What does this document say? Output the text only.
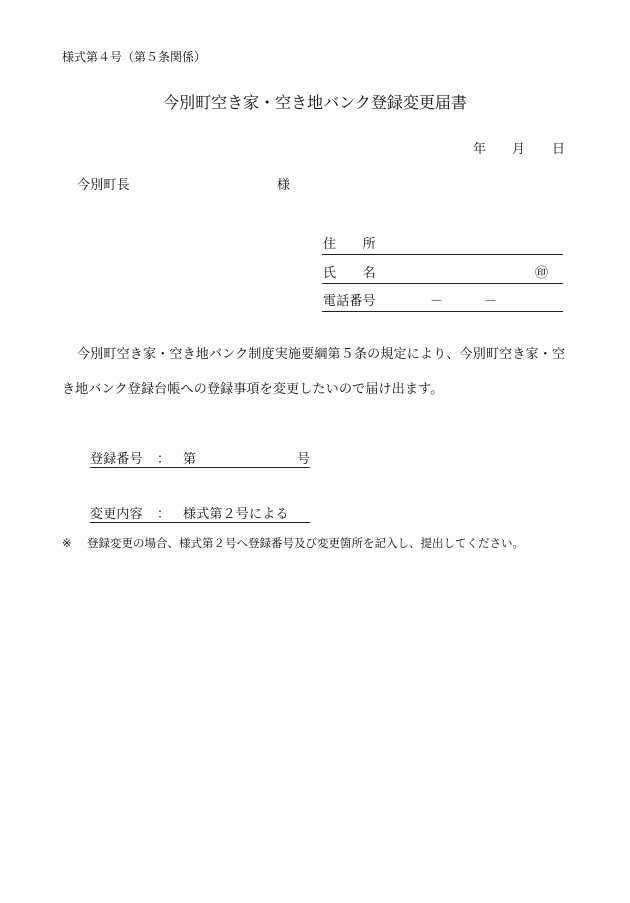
様式第４号（第５条関係）
今別町空き家・空き地バンク登録変更届書
年 月 日
今別町長	様
住　　所
氏　　名	㊞
電話番号	－	－
今別町空き家・空き地バンク制度実施要綱第５条の規定により、今別町空き家・空
き地バンク登録台帳への登録事項を変更したいので届け出ます。
登録番号 ： 第	号
変更内容 ： 様式第２号による
※ 登録変更の場合、様式第２号へ登録番号及び変更箇所を記入し、提出してください。
